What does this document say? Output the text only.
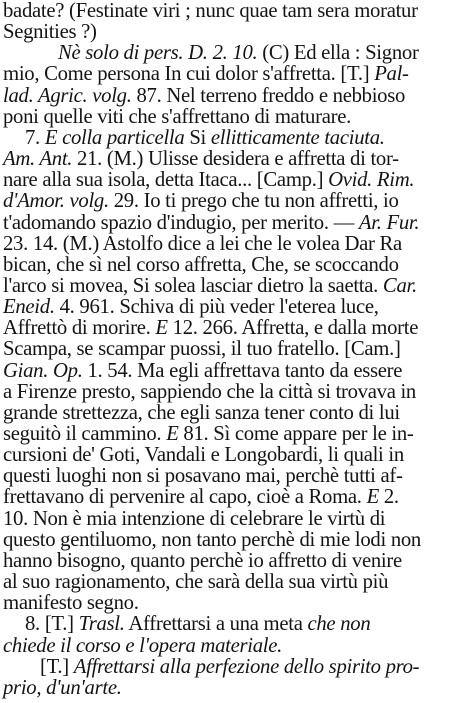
badate? (Festinate viri ; nunc quae tam sera moratur
Segnities ?)
Nè solo di pers. D. 2. 10. (C) Ed ella : Signor
mio, Come persona In cui dolor s'affretta. [T.] Pal-
lad. Agric. volg. 87. Nel terreno freddo e nebbioso
poni quelle viti che s'affrettano di maturare.
7. E colla particella Si ellitticamente taciuta.
Am. Ant. 21. (M.) Ulisse desidera e affretta di tor-
nare alla sua isola, detta Itaca... [Camp.] Ovid. Rim.
d'Amor. volg. 29. Io ti prego che tu non affretti, io
t'adomando spazio d'indugio, per merito. — Ar. Fur.
23. 14. (M.) Astolfo dice a lei che le volea Dar Ra
bican, che sì nel corso affretta, Che, se scoccando
l'arco si movea, Si solea lasciar dietro la saetta. Car.
Eneid. 4. 961. Schiva di più veder l'eterea luce,
Affrettò di morire. E 12. 266. Affretta, e dalla morte
Scampa, se scampar puossi, il tuo fratello. [Cam.]
Gian. Op. 1. 54. Ma egli affrettava tanto da essere
a Firenze presto, sappiendo che la città si trovava in
grande strettezza, che egli sanza tener conto di lui
seguitò il cammino. E 81. Sì come appare per le in-
cursioni de' Goti, Vandali e Longobardi, li quali in
questi luoghi non si posavano mai, perchè tutti af-
frettavano di pervenire al capo, cioè a Roma. E 2.
10. Non è mia intenzione di celebrare le virtù di
questo gentiluomo, non tanto perchè di mie lodi non
hanno bisogno, quanto perchè io affretto di venire
al suo ragionamento, che sarà della sua virtù più
manifesto segno.
8. [T.] Trasl. Affrettarsi a una meta che non
chiede il corso e l'opera materiale.
[T.] Affrettarsi alla perfezione dello spirito pro-
prio, d'un'arte.
